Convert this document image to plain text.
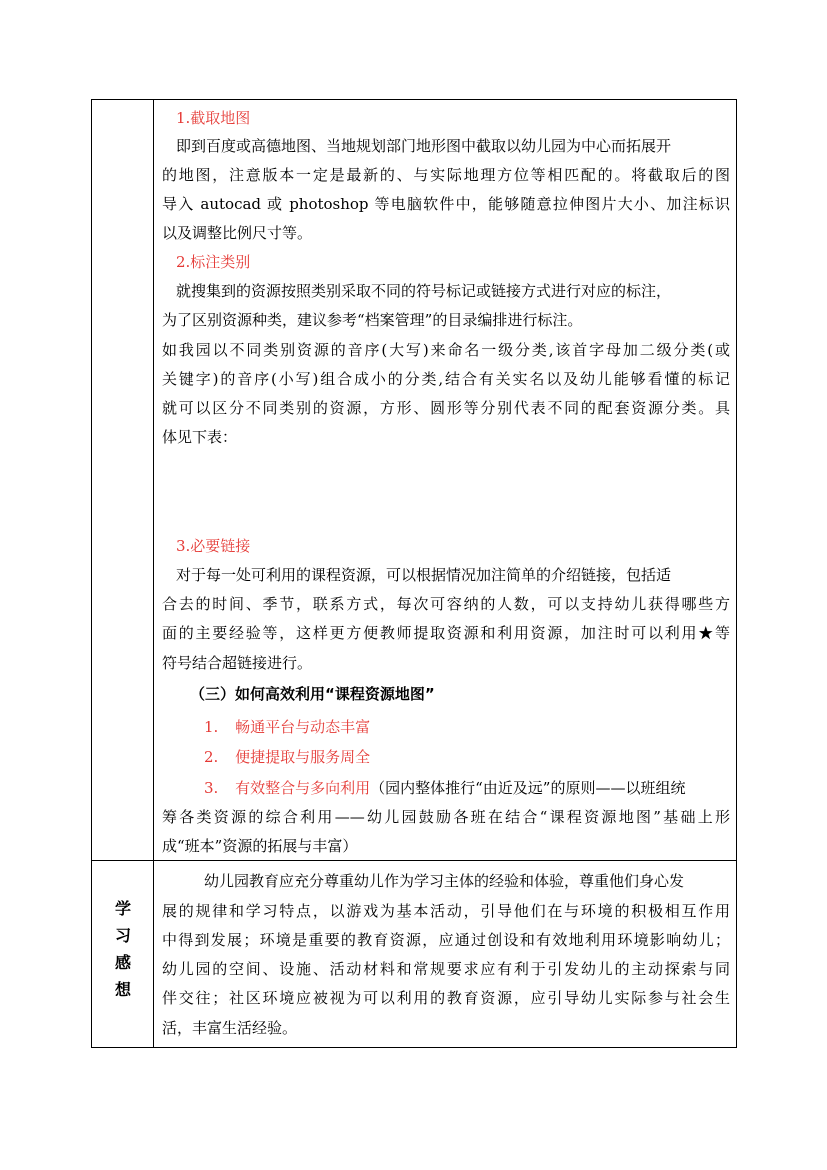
学
习
感
想
1.截取地图
即到百度或高德地图、当地规划部门地形图中截取以幼儿园为中心而拓展开
的地图，注意版本一定是最新的、与实际地理方位等相匹配的。将截取后的图
导入 autocad 或 photoshop 等电脑软件中，能够随意拉伸图片大小、加注标识
以及调整比例尺寸等。
2.标注类别
就搜集到的资源按照类别采取不同的符号标记或链接方式进行对应的标注，
为了区别资源种类，建议参考“档案管理”的目录编排进行标注。
如我园以不同类别资源的音序(大写)来命名一级分类,该首字母加二级分类(或
关键字)的音序(小写)组合成小的分类,结合有关实名以及幼儿能够看懂的标记
就可以区分不同类别的资源，方形、圆形等分别代表不同的配套资源分类。具
体见下表：
3.必要链接
对于每一处可利用的课程资源，可以根据情况加注简单的介绍链接，包括适
合去的时间、季节，联系方式，每次可容纳的人数，可以支持幼儿获得哪些方
面的主要经验等，这样更方便教师提取资源和利用资源，加注时可以利用★等
符号结合超链接进行。
（三）如何高效利用“课程资源地图”
1. 畅通平台与动态丰富
2. 便捷提取与服务周全
3. 有效整合与多向利用（园内整体推行“由近及远”的原则——以班组统
筹各类资源的综合利用——幼儿园鼓励各班在结合“课程资源地图”基础上形
成“班本”资源的拓展与丰富）
幼儿园教育应充分尊重幼儿作为学习主体的经验和体验，尊重他们身心发
展的规律和学习特点，以游戏为基本活动，引导他们在与环境的积极相互作用
中得到发展；环境是重要的教育资源，应通过创设和有效地利用环境影响幼儿；
幼儿园的空间、设施、活动材料和常规要求应有利于引发幼儿的主动探索与同
伴交往；社区环境应被视为可以利用的教育资源，应引导幼儿实际参与社会生
活，丰富生活经验。
